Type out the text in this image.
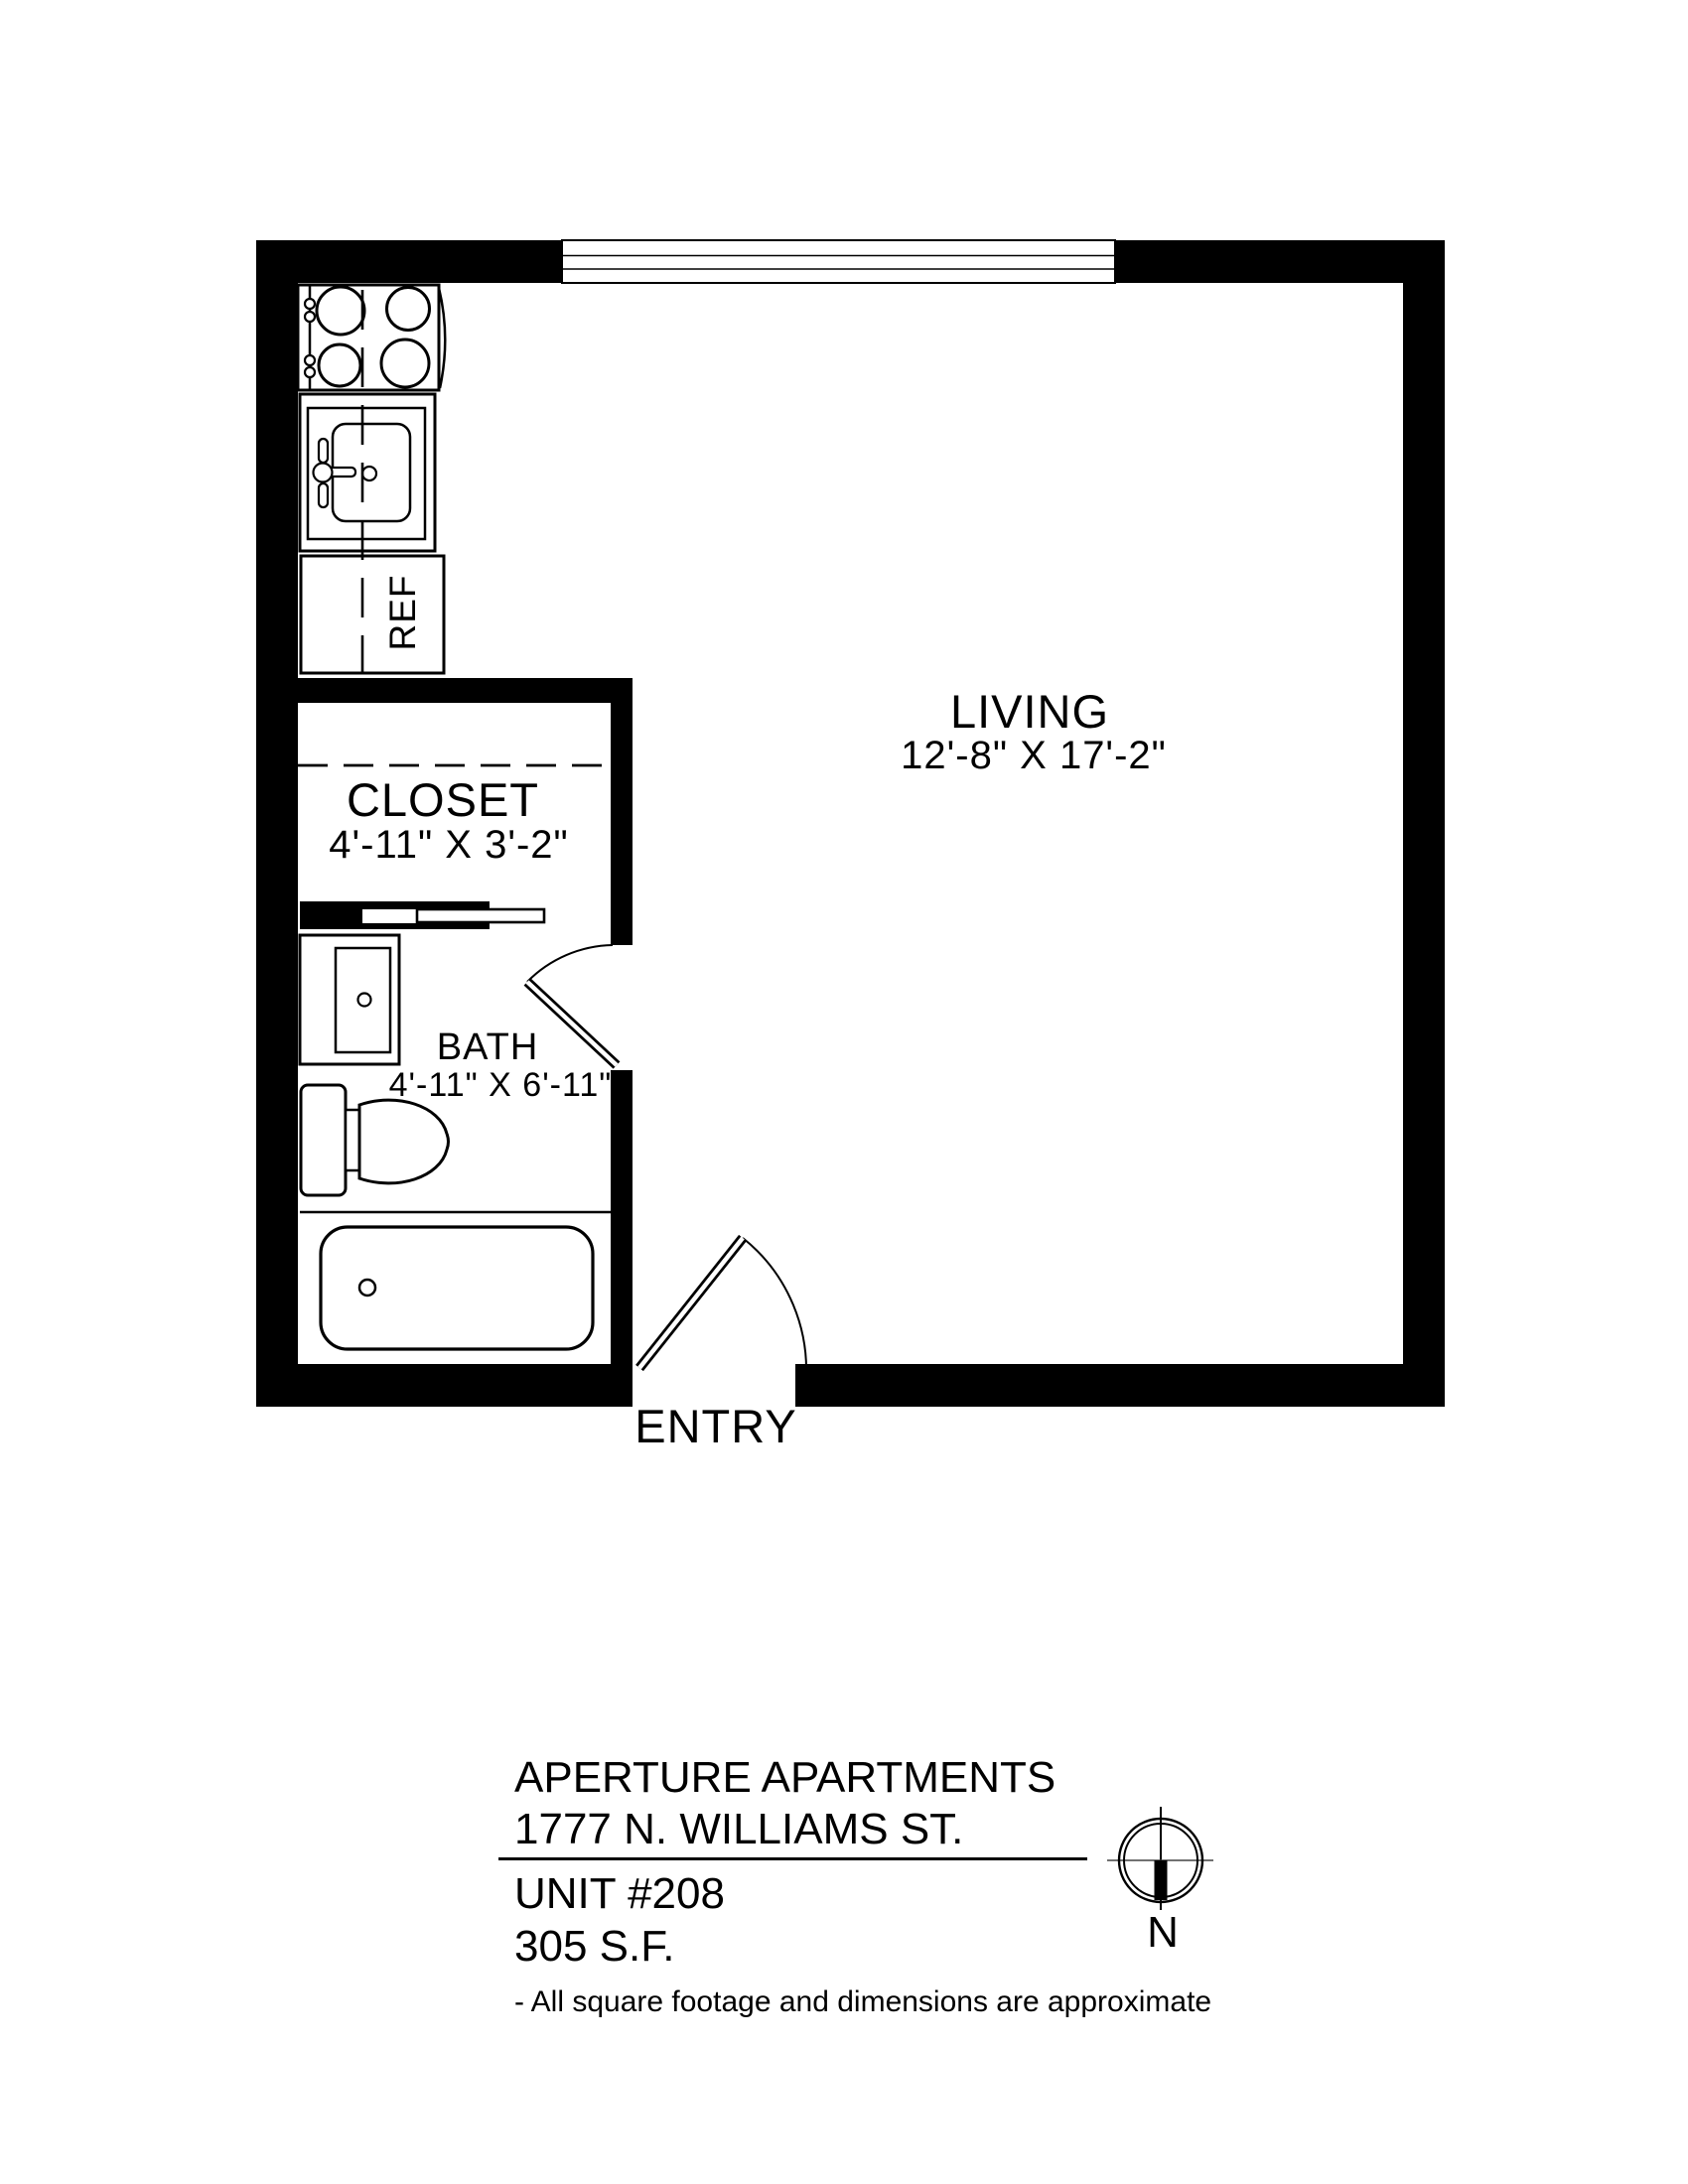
LIVING
12'-8" X 17'-2"
CLOSET
4'-11" X 3'-2"
BATH
4'-11" X 6'-11"
ENTRY
REF
APERTURE APARTMENTS
1777 N. WILLIAMS ST.
UNIT #208
305 S.F.
- All square footage and dimensions are approximate
N
